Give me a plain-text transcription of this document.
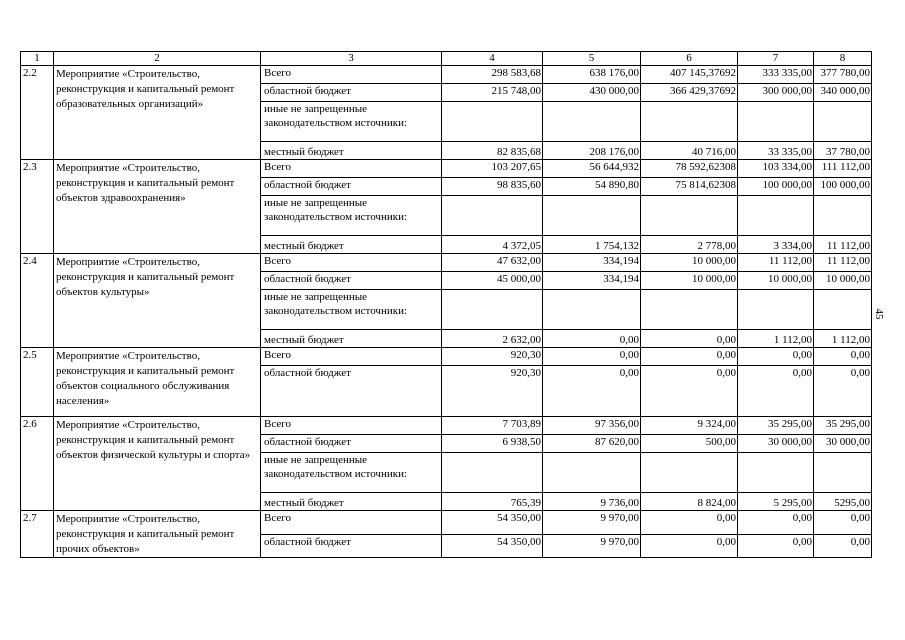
1	2	3	4	5	6	7	8
2.2	Мероприятие «Строительство, реконструкция и капитальный ремонт образовательных организаций»	Всего	298 583,68	638 176,00	407 145,37692	333 335,00	377 780,00
		областной бюджет	215 748,00	430 000,00	366 429,37692	300 000,00	340 000,00
		иные не запрещенные законодательством источники:					
		местный бюджет	82 835,68	208 176,00	40 716,00	33 335,00	37 780,00
2.3	Мероприятие «Строительство, реконструкция и капитальный ремонт объектов здравоохранения»	Всего	103 207,65	56 644,932	78 592,62308	103 334,00	111 112,00
		областной бюджет	98 835,60	54 890,80	75 814,62308	100 000,00	100 000,00
		иные не запрещенные законодательством источники:					
		местный бюджет	4 372,05	1 754,132	2 778,00	3 334,00	11 112,00
2.4	Мероприятие «Строительство, реконструкция и капитальный ремонт объектов культуры»	Всего	47 632,00	334,194	10 000,00	11 112,00	11 112,00
		областной бюджет	45 000,00	334,194	10 000,00	10 000,00	10 000,00
		иные не запрещенные законодательством источники:					
		местный бюджет	2 632,00	0,00	0,00	1 112,00	1 112,00
2.5	Мероприятие «Строительство, реконструкция и капитальный ремонт объектов социального обслуживания населения»	Всего	920,30	0,00	0,00	0,00	0,00
		областной бюджет	920,30	0,00	0,00	0,00	0,00
2.6	Мероприятие «Строительство, реконструкция и капитальный ремонт объектов физической культуры и спорта»	Всего	7 703,89	97 356,00	9 324,00	35 295,00	35 295,00
		областной бюджет	6 938,50	87 620,00	500,00	30 000,00	30 000,00
		иные не запрещенные законодательством источники:					
		местный бюджет	765,39	9 736,00	8 824,00	5 295,00	5295,00
2.7	Мероприятие «Строительство, реконструкция и капитальный ремонт прочих объектов»	Всего	54 350,00	9 970,00	0,00	0,00	0,00
		областной бюджет	54 350,00	9 970,00	0,00	0,00	0,00
45
